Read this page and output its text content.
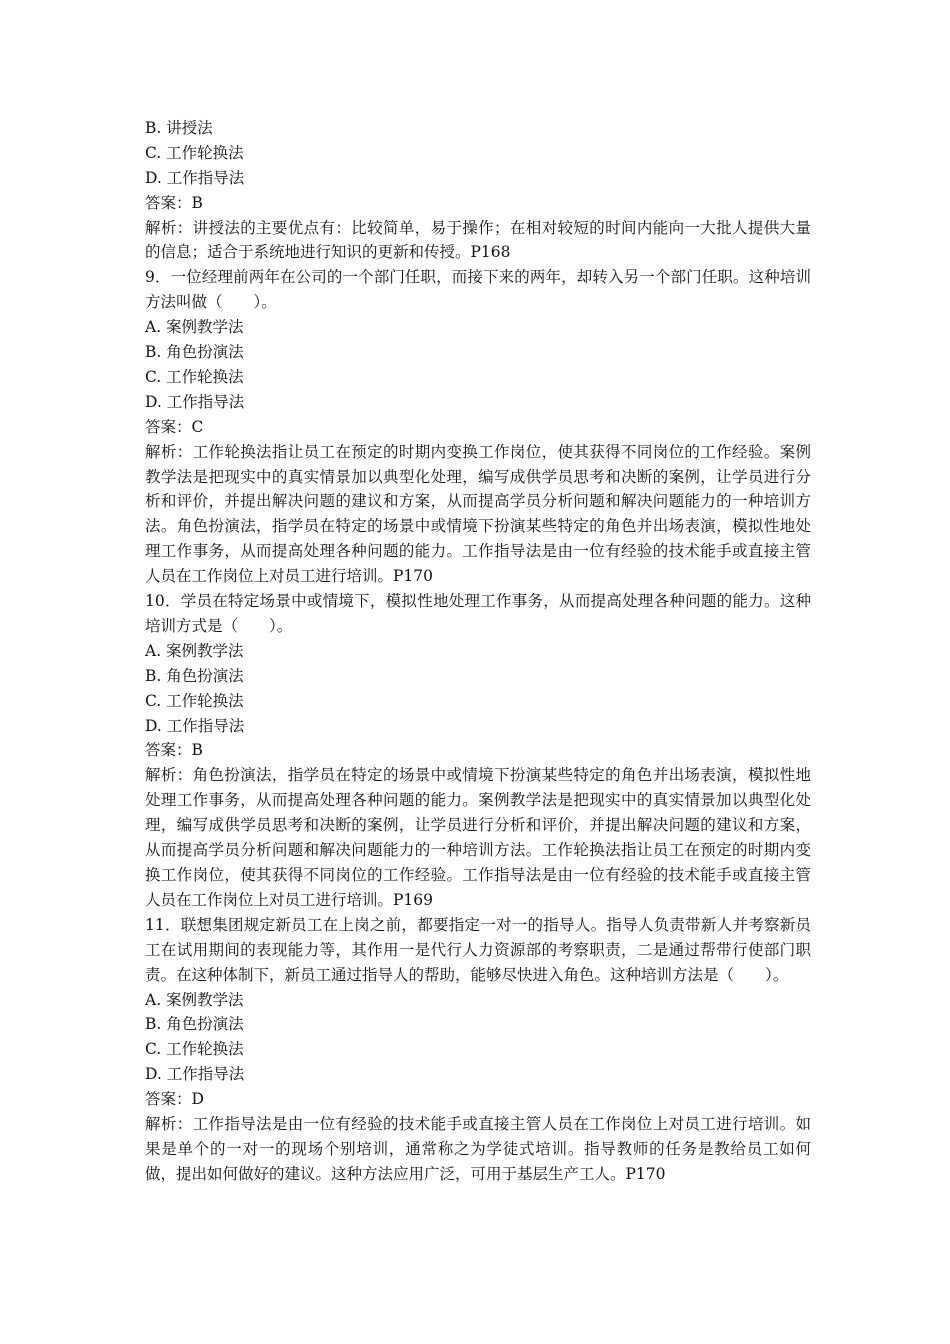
B. 讲授法
C. 工作轮换法
D. 工作指导法
答案：B
解析：讲授法的主要优点有：比较简单，易于操作；在相对较短的时间内能向一大批人提供大量的信息；适合于系统地进行知识的更新和传授。P168
9．一位经理前两年在公司的一个部门任职，而接下来的两年，却转入另一个部门任职。这种培训方法叫做（　　）。
A. 案例教学法
B. 角色扮演法
C. 工作轮换法
D. 工作指导法
答案：C
解析：工作轮换法指让员工在预定的时期内变换工作岗位，使其获得不同岗位的工作经验。案例教学法是把现实中的真实情景加以典型化处理，编写成供学员思考和决断的案例，让学员进行分析和评价，并提出解决问题的建议和方案，从而提高学员分析问题和解决问题能力的一种培训方法。角色扮演法，指学员在特定的场景中或情境下扮演某些特定的角色并出场表演，模拟性地处理工作事务，从而提高处理各种问题的能力。工作指导法是由一位有经验的技术能手或直接主管人员在工作岗位上对员工进行培训。P170
10．学员在特定场景中或情境下，模拟性地处理工作事务，从而提高处理各种问题的能力。这种培训方式是（　　）。
A. 案例教学法
B. 角色扮演法
C. 工作轮换法
D. 工作指导法
答案：B
解析：角色扮演法，指学员在特定的场景中或情境下扮演某些特定的角色并出场表演，模拟性地处理工作事务，从而提高处理各种问题的能力。案例教学法是把现实中的真实情景加以典型化处理，编写成供学员思考和决断的案例，让学员进行分析和评价，并提出解决问题的建议和方案，从而提高学员分析问题和解决问题能力的一种培训方法。工作轮换法指让员工在预定的时期内变换工作岗位，使其获得不同岗位的工作经验。工作指导法是由一位有经验的技术能手或直接主管人员在工作岗位上对员工进行培训。P169
11．联想集团规定新员工在上岗之前，都要指定一对一的指导人。指导人负责带新人并考察新员工在试用期间的表现能力等，其作用一是代行人力资源部的考察职责，二是通过帮带行使部门职责。在这种体制下，新员工通过指导人的帮助，能够尽快进入角色。这种培训方法是（　　）。
A. 案例教学法
B. 角色扮演法
C. 工作轮换法
D. 工作指导法
答案：D
解析：工作指导法是由一位有经验的技术能手或直接主管人员在工作岗位上对员工进行培训。如果是单个的一对一的现场个别培训，通常称之为学徒式培训。指导教师的任务是教给员工如何做，提出如何做好的建议。这种方法应用广泛，可用于基层生产工人。P170
